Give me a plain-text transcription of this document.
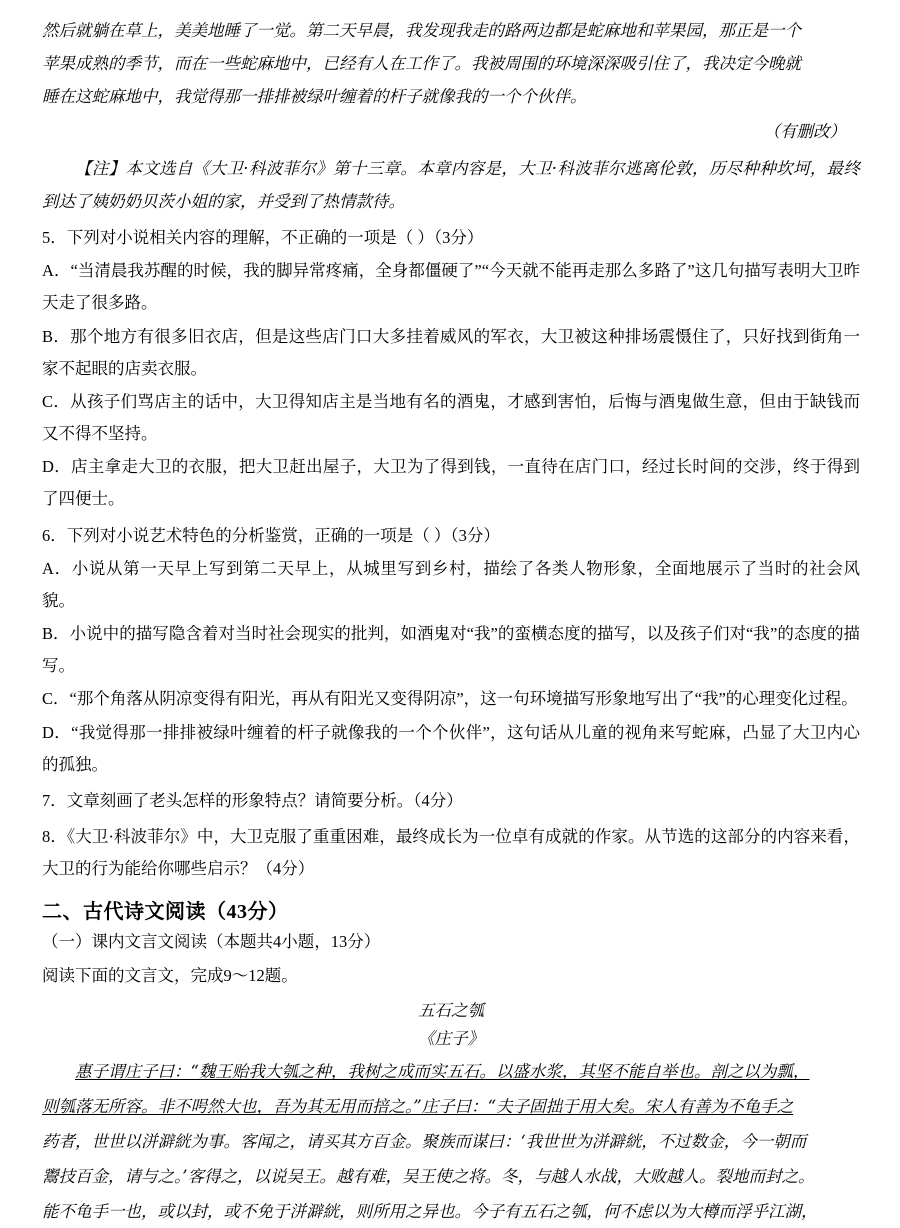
然后就躺在草上，美美地睡了一觉。第二天早晨，我发现我走的路两边都是蛇麻地和苹果园，那正是一个

苹果成熟的季节，而在一些蛇麻地中，已经有人在工作了。我被周围的环境深深吸引住了，我决定今晚就

睡在这蛇麻地中，我觉得那一排排被绿叶缠着的杆子就像我的一个个伙伴。

（有删改）

【注】本文选自《大卫·科波菲尔》第十三章。本章内容是，大卫·科波菲尔逃离伦敦，历尽种种坎坷，最终到达了姨奶奶贝茨小姐的家，并受到了热情款待。

5．下列对小说相关内容的理解，不正确的一项是（ ）（3分）

A．“当清晨我苏醒的时候，我的脚异常疼痛，全身都僵硬了”“今天就不能再走那么多路了”这几句描写表明大卫昨天走了很多路。

B．那个地方有很多旧衣店，但是这些店门口大多挂着威风的军衣，大卫被这种排场震慑住了，只好找到街角一家不起眼的店卖衣服。

C．从孩子们骂店主的话中，大卫得知店主是当地有名的酒鬼，才感到害怕，后悔与酒鬼做生意，但由于缺钱而又不得不坚持。

D．店主拿走大卫的衣服，把大卫赶出屋子，大卫为了得到钱，一直待在店门口，经过长时间的交涉，终于得到了四便士。

6．下列对小说艺术特色的分析鉴赏，正确的一项是（ ）（3分）

A．小说从第一天早上写到第二天早上，从城里写到乡村，描绘了各类人物形象，全面地展示了当时的社会风貌。

B．小说中的描写隐含着对当时社会现实的批判，如酒鬼对“我”的蛮横态度的描写，以及孩子们对“我”的态度的描写。

C．“那个角落从阴凉变得有阳光，再从有阳光又变得阴凉”，这一句环境描写形象地写出了“我”的心理变化过程。

D．“我觉得那一排排被绿叶缠着的杆子就像我的一个个伙伴”，这句话从儿童的视角来写蛇麻，凸显了大卫内心的孤独。

7．文章刻画了老头怎样的形象特点？请简要分析。（4分）

8．《大卫·科波菲尔》中，大卫克服了重重困难，最终成长为一位卓有成就的作家。从节选的这部分的内容来看，大卫的行为能给你哪些启示？（4分）

二、古代诗文阅读（43分）

（一）课内文言文阅读（本题共4小题，13分）

阅读下面的文言文，完成9～12题。

五石之瓠

《庄子》

惠子谓庄子曰：“魏王贻我大瓠之种，我树之成而实五石。以盛水浆，其坚不能自举也。剖之以为瓢，

则瓠落无所容。非不呺然大也，吾为其无用而掊之。”庄子曰：“夫子固拙于用大矣。宋人有善为不龟手之

药者，世世以洴澼絖为事。客闻之，请买其方百金。聚族而谋曰：‘我世世为洴澼絖，不过数金，今一朝而

鬻技百金，请与之。’客得之，以说吴王。越有难，吴王使之将。冬，与越人水战，大败越人。裂地而封之。

能不龟手一也，或以封，或不免于洴澼絖，则所用之异也。今子有五石之瓠，何不虑以为大樽而浮乎江湖，
